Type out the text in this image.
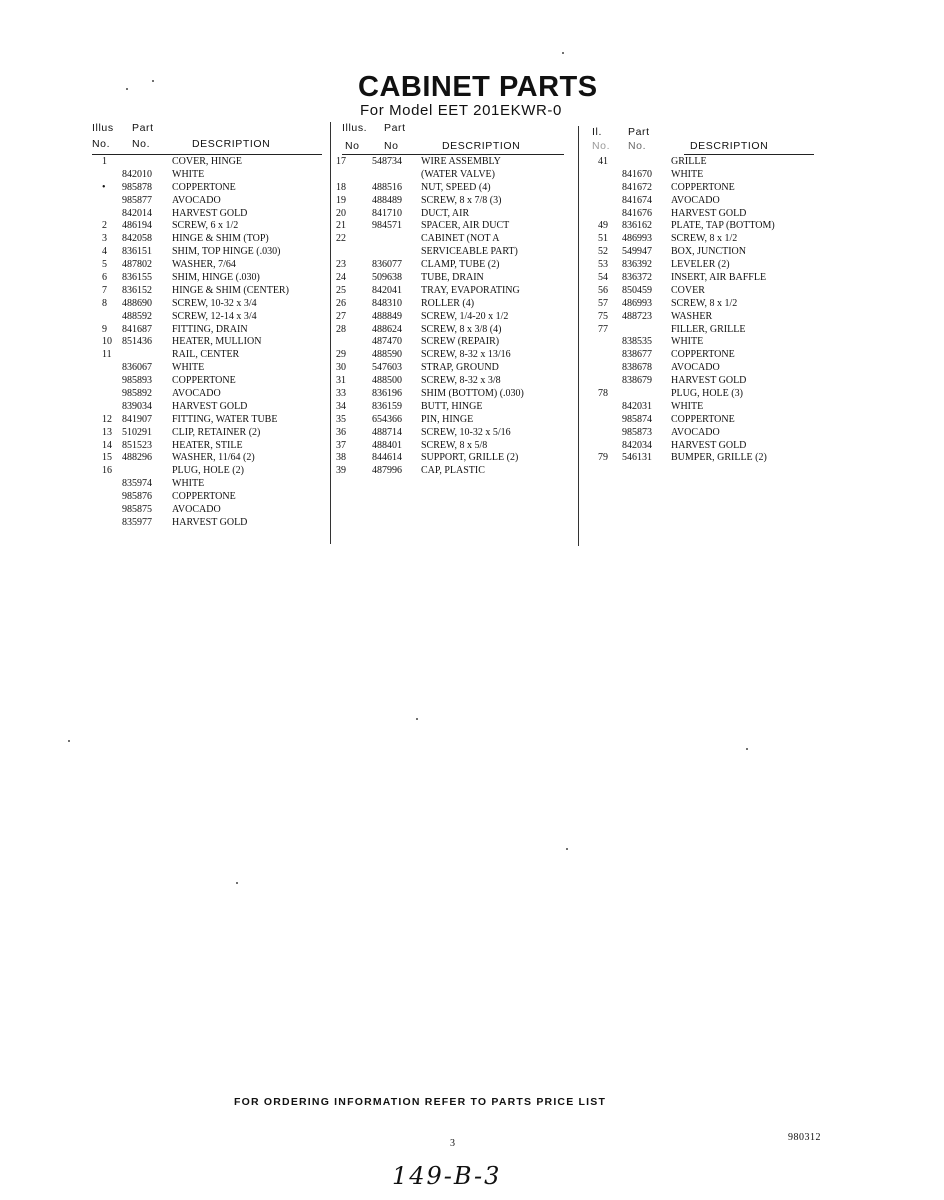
CABINET PARTS
For Model EET 201EKWR-0
Illus
No.
Part
No.	DESCRIPTION
1	COVER, HINGE
842010 WHITE
• 985878 COPPERTONE
985877 AVOCADO
842014 HARVEST GOLD
2 486194 SCREW, 6 x 1/2
3 842058 HINGE & SHIM (TOP)
4 836151 SHIM, TOP HINGE (.030)
5 487802 WASHER, 7/64
6 836155 SHIM, HINGE (.030)
7 836152 HINGE & SHIM (CENTER)
8 488690 SCREW, 10-32 x 3/4
488592 SCREW, 12-14 x 3/4
9 841687 FITTING, DRAIN
10 851436 HEATER, MULLION
11	RAIL, CENTER
836067 WHITE
985893 COPPERTONE
985892 AVOCADO
839034 HARVEST GOLD
12 841907 FITTING, WATER TUBE
13 510291 CLIP, RETAINER (2)
14 851523 HEATER, STILE
15 488296 WASHER, 11/64 (2)
16	PLUG, HOLE (2)
835974 WHITE
985876 COPPERTONE
985875 AVOCADO
835977 HARVEST GOLD
Illus.
No
Part
No	DESCRIPTION
17	548734 WIRE ASSEMBLY
(WATER VALVE)
18	488516 NUT, SPEED (4)
19	488489 SCREW, 8 x 7/8 (3)
20	841710 DUCT, AIR
21	984571 SPACER, AIR DUCT
22	CABINET (NOT A
SERVICEABLE PART)
23	836077 CLAMP, TUBE (2)
24	509638 TUBE, DRAIN
25	842041 TRAY, EVAPORATING
26	848310 ROLLER (4)
27	488849 SCREW, 1/4-20 x 1/2
28	488624 SCREW, 8 x 3/8 (4)
487470 SCREW (REPAIR)
29	488590 SCREW, 8-32 x 13/16
30	547603 STRAP, GROUND
31	488500 SCREW, 8-32 x 3/8
33	836196 SHIM (BOTTOM) (.030)
34	836159 BUTT, HINGE
35	654366 PIN, HINGE
36	488714 SCREW, 10-32 x 5/16
37	488401 SCREW, 8 x 5/8
38	844614 SUPPORT, GRILLE (2)
39	487996 CAP, PLASTIC
Il.
No.
Part
No.	DESCRIPTION
41	GRILLE
841670 WHITE
841672 COPPERTONE
841674 AVOCADO
841676 HARVEST GOLD
49 836162 PLATE, TAP (BOTTOM)
51 486993 SCREW, 8 x 1/2
52 549947 BOX, JUNCTION
53 836392 LEVELER (2)
54 836372 INSERT, AIR BAFFLE
56 850459 COVER
57 486993 SCREW, 8 x 1/2
75 488723 WASHER
77	FILLER, GRILLE
838535 WHITE
838677 COPPERTONE
838678 AVOCADO
838679 HARVEST GOLD
78	PLUG, HOLE (3)
842031 WHITE
985874 COPPERTONE
985873 AVOCADO
842034 HARVEST GOLD
79 546131 BUMPER, GRILLE (2)
FOR ORDERING INFORMATION REFER TO PARTS PRICE LIST
3
980312
149-B-3
